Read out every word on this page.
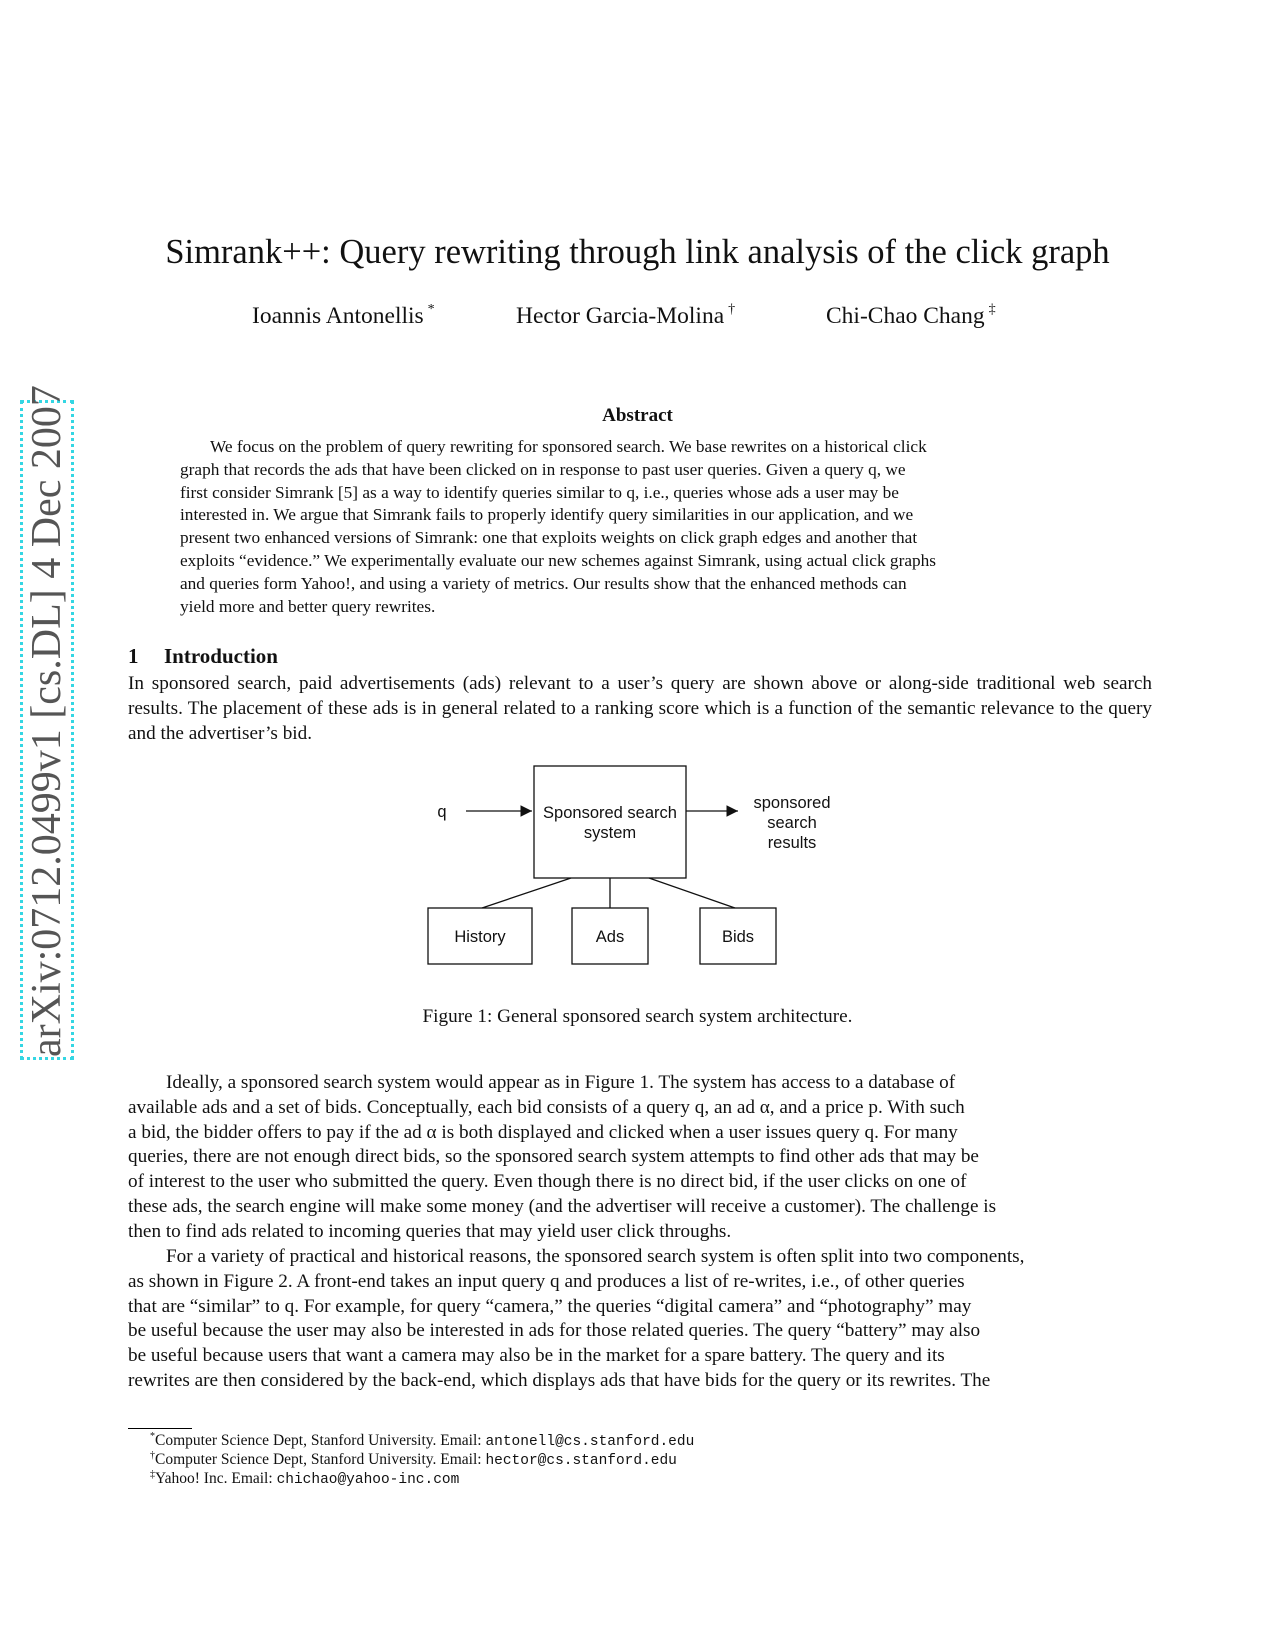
arXiv:0712.0499v1 [cs.DL] 4 Dec 2007
Simrank++: Query rewriting through link analysis of the click graph
Ioannis Antonellis *	Hector Garcia-Molina †	Chi-Chao Chang ‡
Abstract
We focus on the problem of query rewriting for sponsored search. We base rewrites on a historical click
graph that records the ads that have been clicked on in response to past user queries. Given a query q, we
first consider Simrank [5] as a way to identify queries similar to q, i.e., queries whose ads a user may be
interested in. We argue that Simrank fails to properly identify query similarities in our application, and we
present two enhanced versions of Simrank: one that exploits weights on click graph edges and another that
exploits “evidence.” We experimentally evaluate our new schemes against Simrank, using actual click graphs
and queries form Yahoo!, and using a variety of metrics. Our results show that the enhanced methods can
yield more and better query rewrites.
1 Introduction
In sponsored search, paid advertisements (ads) relevant to a user’s query are shown above or along-side traditional web search results. The placement of these ads is in general related to a ranking score which is a function of the semantic relevance to the query and the advertiser’s bid.
q	Sponsored search
system
sponsored
search
results
History	Ads	Bids
Figure 1: General sponsored search system architecture.
Ideally, a sponsored search system would appear as in Figure 1. The system has access to a database of
available ads and a set of bids. Conceptually, each bid consists of a query q, an ad α, and a price p. With such
a bid, the bidder offers to pay if the ad α is both displayed and clicked when a user issues query q. For many
queries, there are not enough direct bids, so the sponsored search system attempts to find other ads that may be
of interest to the user who submitted the query. Even though there is no direct bid, if the user clicks on one of
these ads, the search engine will make some money (and the advertiser will receive a customer). The challenge is
then to find ads related to incoming queries that may yield user click throughs.
For a variety of practical and historical reasons, the sponsored search system is often split into two components,
as shown in Figure 2. A front-end takes an input query q and produces a list of re-writes, i.e., of other queries
that are “similar” to q. For example, for query “camera,” the queries “digital camera” and “photography” may
be useful because the user may also be interested in ads for those related queries. The query “battery” may also
be useful because users that want a camera may also be in the market for a spare battery. The query and its
rewrites are then considered by the back-end, which displays ads that have bids for the query or its rewrites. The
*Computer Science Dept, Stanford University. Email: antonell@cs.stanford.edu
†Computer Science Dept, Stanford University. Email: hector@cs.stanford.edu
‡Yahoo! Inc. Email: chichao@yahoo-inc.com
